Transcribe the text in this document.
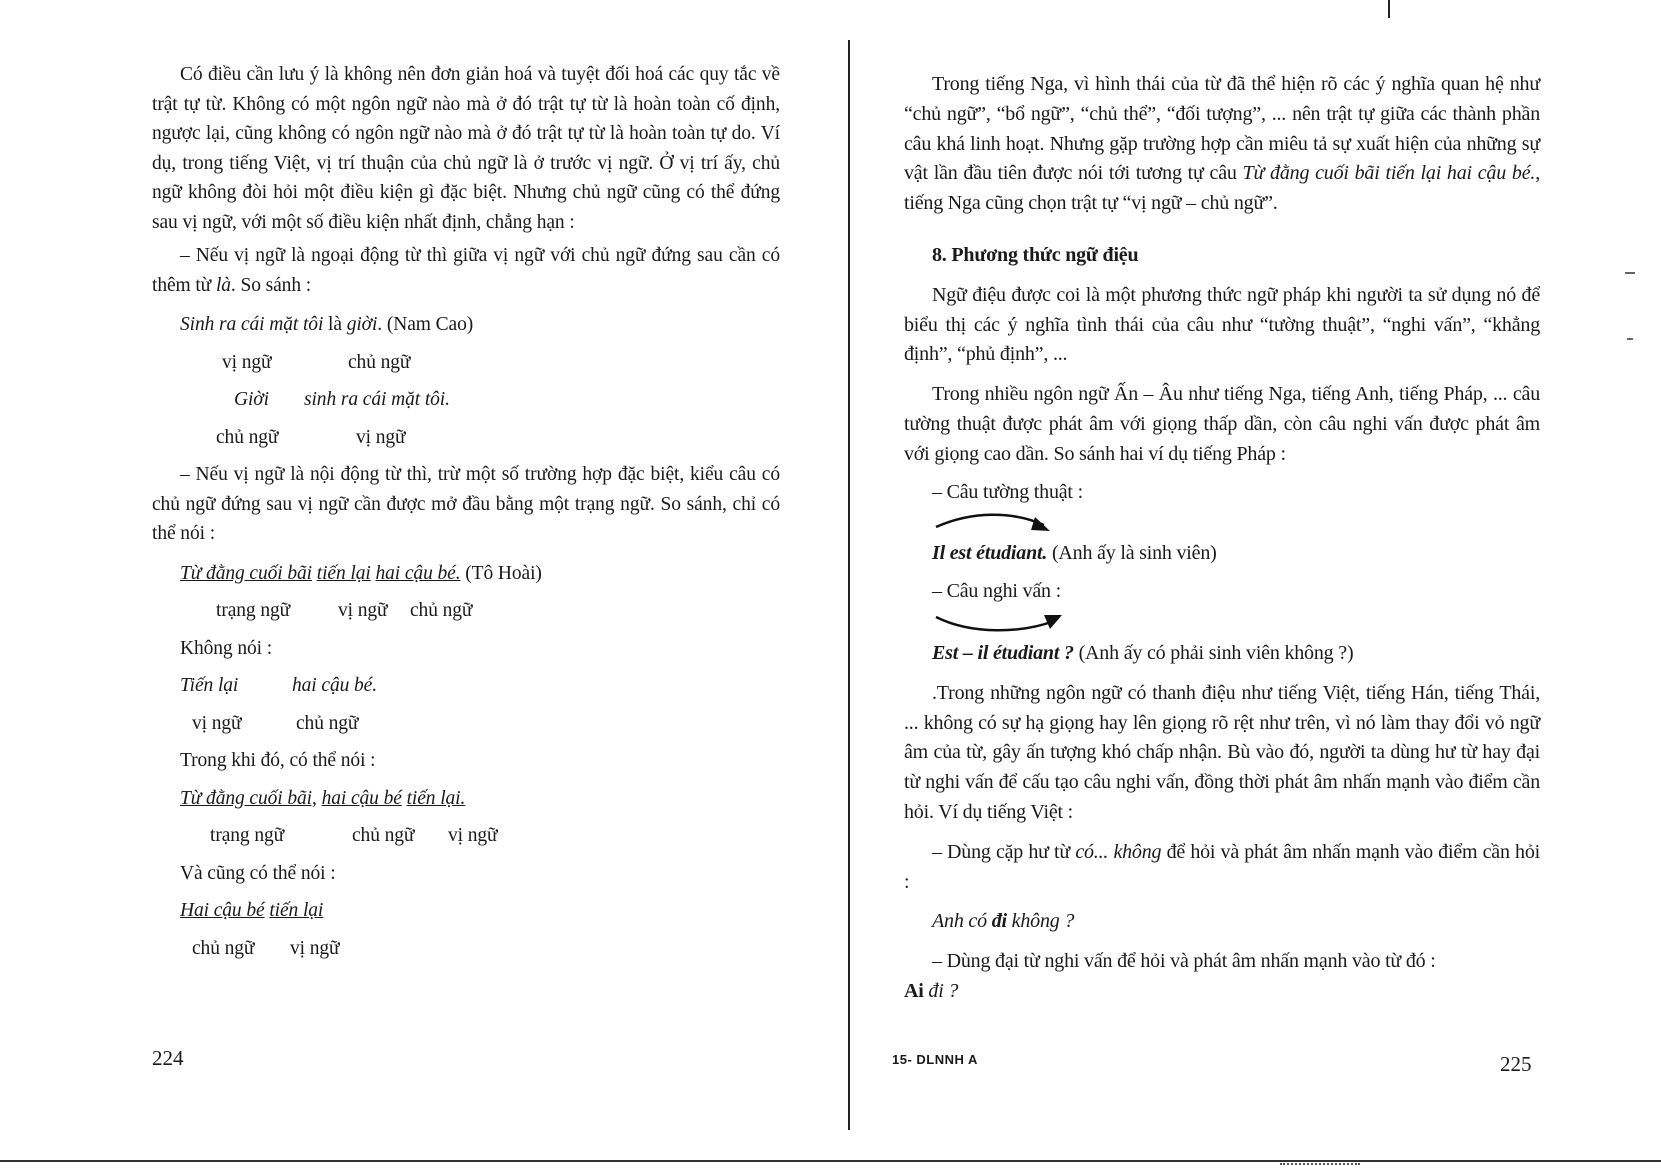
Có điều cần lưu ý là không nên đơn giản hoá và tuyệt đối hoá các quy tắc về trật tự từ. Không có một ngôn ngữ nào mà ở đó trật tự từ là hoàn toàn cố định, ngược lại, cũng không có ngôn ngữ nào mà ở đó trật tự từ là hoàn toàn tự do. Ví dụ, trong tiếng Việt, vị trí thuận của chủ ngữ là ở trước vị ngữ. Ở vị trí ấy, chủ ngữ không đòi hỏi một điều kiện gì đặc biệt. Nhưng chủ ngữ cũng có thể đứng sau vị ngữ, với một số điều kiện nhất định, chẳng hạn :

– Nếu vị ngữ là ngoại động từ thì giữa vị ngữ với chủ ngữ đứng sau cần có thêm từ là. So sánh :

Sinh ra cái mặt tôi là giời. (Nam Cao)
vị ngữ	chủ ngữ
Giời sinh ra cái mặt tôi.
chủ ngữ	vị ngữ

– Nếu vị ngữ là nội động từ thì, trừ một số trường hợp đặc biệt, kiểu câu có chủ ngữ đứng sau vị ngữ cần được mở đầu bằng một trạng ngữ. So sánh, chỉ có thể nói :

Từ đằng cuối bãi tiến lại hai cậu bé. (Tô Hoài)
trạng ngữ vị ngữ chủ ngữ
Không nói :
Tiến lại	hai cậu bé.
vị ngữ	chủ ngữ
Trong khi đó, có thể nói :
Từ đằng cuối bãi, hai cậu bé tiến lại.
trạng ngữ	chủ ngữ vị ngữ
Và cũng có thể nói :
Hai cậu bé tiến lại
chủ ngữ vị ngữ
224

Trong tiếng Nga, vì hình thái của từ đã thể hiện rõ các ý nghĩa quan hệ như “chủ ngữ”, “bổ ngữ”, “chủ thể”, “đối tượng”, ... nên trật tự giữa các thành phần câu khá linh hoạt. Nhưng gặp trường hợp cần miêu tả sự xuất hiện của những sự vật lần đầu tiên được nói tới tương tự câu Từ đằng cuối bãi tiến lại hai cậu bé., tiếng Nga cũng chọn trật tự “vị ngữ – chủ ngữ”.

8. Phương thức ngữ điệu

Ngữ điệu được coi là một phương thức ngữ pháp khi người ta sử dụng nó để biểu thị các ý nghĩa tình thái của câu như “tường thuật”, “nghi vấn”, “khẳng định”, “phủ định”, ...

Trong nhiều ngôn ngữ Ấn – Âu như tiếng Nga, tiếng Anh, tiếng Pháp, ... câu tường thuật được phát âm với giọng thấp dần, còn câu nghi vấn được phát âm với giọng cao dần. So sánh hai ví dụ tiếng Pháp :

– Câu tường thuật :
Il est étudiant. (Anh ấy là sinh viên)
– Câu nghi vấn :
Est – il étudiant ? (Anh ấy có phải sinh viên không ?)

.Trong những ngôn ngữ có thanh điệu như tiếng Việt, tiếng Hán, tiếng Thái, ... không có sự hạ giọng hay lên giọng rõ rệt như trên, vì nó làm thay đổi vỏ ngữ âm của từ, gây ấn tượng khó chấp nhận. Bù vào đó, người ta dùng hư từ hay đại từ nghi vấn để cấu tạo câu nghi vấn, đồng thời phát âm nhấn mạnh vào điểm cần hỏi. Ví dụ tiếng Việt :

– Dùng cặp hư từ có... không để hỏi và phát âm nhấn mạnh vào điểm cần hỏi :

Anh có đi không ?

– Dùng đại từ nghi vấn để hỏi và phát âm nhấn mạnh vào từ đó :

Ai đi ?
15- DLNNH A	225
